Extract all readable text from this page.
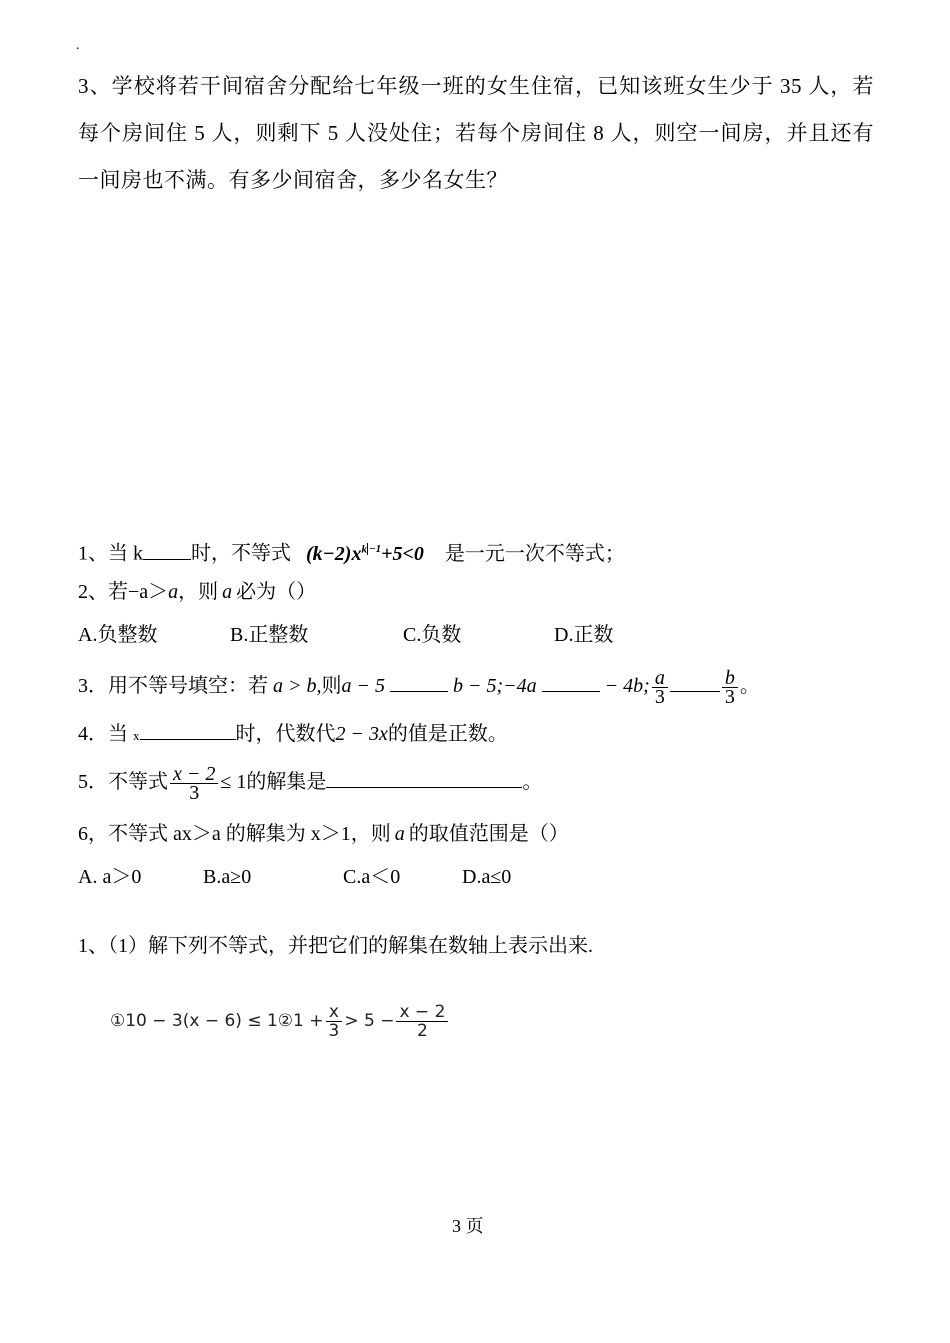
.
3、学校将若干间宿舍分配给七年级一班的女生住宿，已知该班女生少于 35 人，若每个房间住 5 人，则剩下 5 人没处住；若每个房间住 8 人，则空一间房，并且还有一间房也不满。有多少间宿舍，多少名女生？
1、当 k 时，不等式 $(k-2)x^k$ $^{-1}$+5<0 是一元一次不等式；
2、若−a＞a，则 a 必为（）
A.负整数	B.正整数	C.负数	D.正数
3．用不等号填空：若 a > b,则a − 5	b − 5;−4a	− 4b; $\frac{a}{3}$	$\frac{b}{3}$ 。
4．当 x	时，代数代2 − 3x的值是正数。
5．不等式 $\frac{x - 2}{3} \le 1$的解集是	。
6，不等式 ax＞a 的解集为 x＞1，则 a 的取值范围是（）
A. a＞0	B.a≥0	C.a＜0	D.a≤0
1、（1）解下列不等式，并把它们的解集在数轴上表示出来.
①10 − 3(x − 6) ≤ 1②1 + $\frac{x}{3} > 5 - \frac{x - 2}{2}$
3 页
